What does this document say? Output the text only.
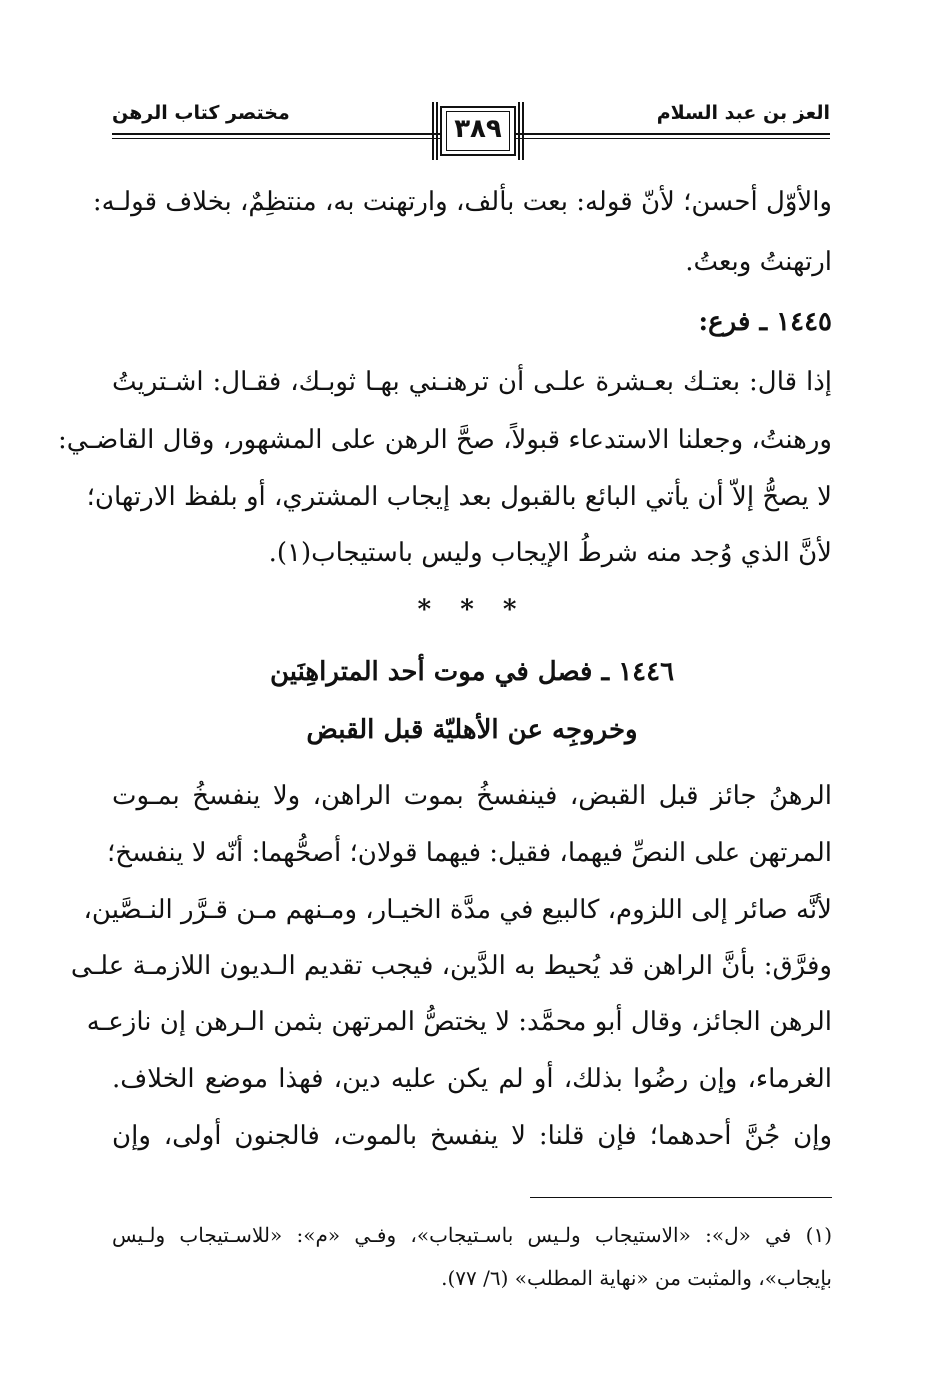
العز بن عبد السلام
مختصر كتاب الرهن
٣٨٩
والأوّل أحسن؛ لأنّ قوله: بعت بألف، وارتهنت به، منتظِمٌ، بخلاف قولـه:
ارتهنتُ وبعتُ.
١٤٤٥ ـ فرع:
إذا قال: بعتـك بعـشرة علـى أن ترهنـني بهـا ثوبـك، فقـال: اشـتريتُ
ورهنتُ، وجعلنا الاستدعاء قبولاً، صحَّ الرهن على المشهور، وقال القاضـي:
لا يصحُّ إلاّ أن يأتي البائع بالقبول بعد إيجاب المشتري، أو بلفظ الارتهان؛
لأنَّ الذي وُجد منه شرطُ الإيجاب وليس باستيجاب(١).
* * *
١٤٤٦ ـ فصل في موت أحد المتراهِنَين
وخروجِه عن الأهليّة قبل القبض
الرهنُ جائز قبل القبض، فينفسخُ بموت الراهن، ولا ينفسخُ بمـوت
المرتهن على النصِّ فيهما، فقيل: فيهما قولان؛ أصحُّهما: أنّه لا ينفسخ؛
لأنَّه صائر إلى اللزوم، كالبيع في مدَّة الخيـار، ومـنهم مـن قـرَّر النـصَّين،
وفرَّق: بأنَّ الراهن قد يُحيط به الدَّين، فيجب تقديم الـديون اللازمـة علـى
الرهن الجائز، وقال أبو محمَّد: لا يختصُّ المرتهن بثمن الـرهن إن نازعـه
الغرماء، وإن رضُوا بذلك، أو لم يكن عليه دين، فهذا موضع الخلاف.
وإن جُنَّ أحدهما؛ فإن قلنا: لا ينفسخ بالموت، فالجنون أولى، وإن
(١) في «ل»: «الاستيجاب ولـيس باسـتيجاب»، وفـي «م»: «للاسـتيجاب ولـيس
بإيجاب»، والمثبت من «نهاية المطلب» (٦/ ٧٧).
